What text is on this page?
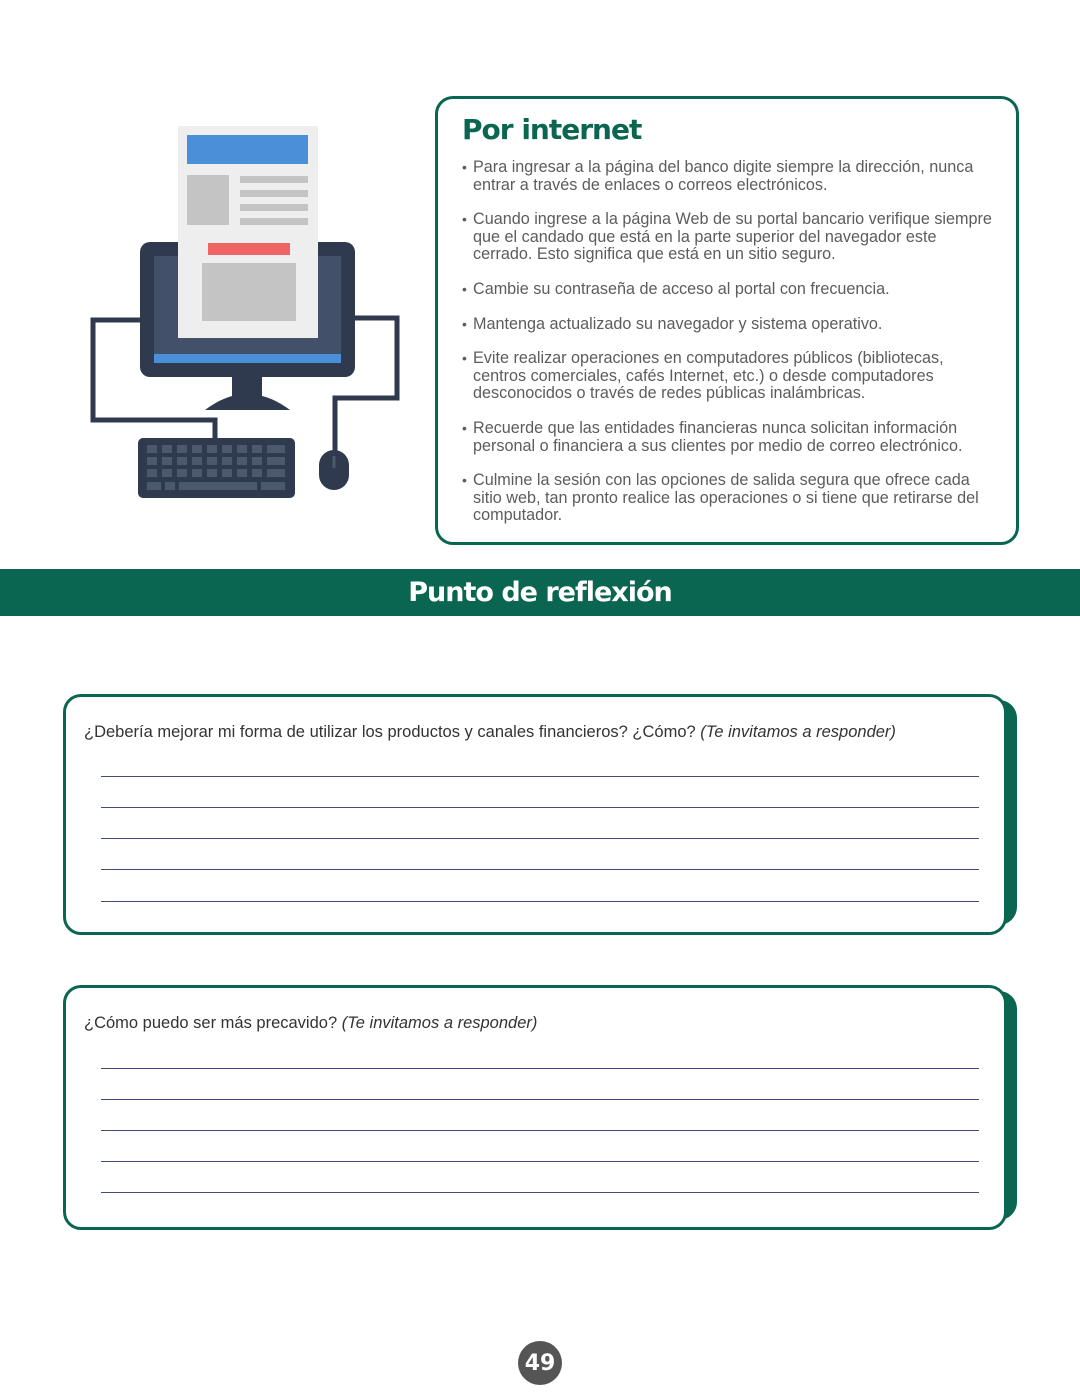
Por internet
• Para ingresar a la página del banco digite siempre la dirección, nunca entrar a través de enlaces o correos electrónicos.
• Cuando ingrese a la página Web de su portal bancario verifique siempre que el candado que está en la parte superior del navegador este cerrado. Esto significa que está en un sitio seguro.
• Cambie su contraseña de acceso al portal con frecuencia.
• Mantenga actualizado su navegador y sistema operativo.
• Evite realizar operaciones en computadores públicos (bibliotecas, centros comerciales, cafés Internet, etc.) o desde computadores desconocidos o través de redes públicas inalámbricas.
• Recuerde que las entidades financieras nunca solicitan información personal o financiera a sus clientes por medio de correo electrónico.
• Culmine la sesión con las opciones de salida segura que ofrece cada sitio web, tan pronto realice las operaciones o si tiene que retirarse del computador.
Punto de reflexión
¿Debería mejorar mi forma de utilizar los productos y canales financieros? ¿Cómo? (Te invitamos a responder)
¿Cómo puedo ser más precavido? (Te invitamos a responder)
49
